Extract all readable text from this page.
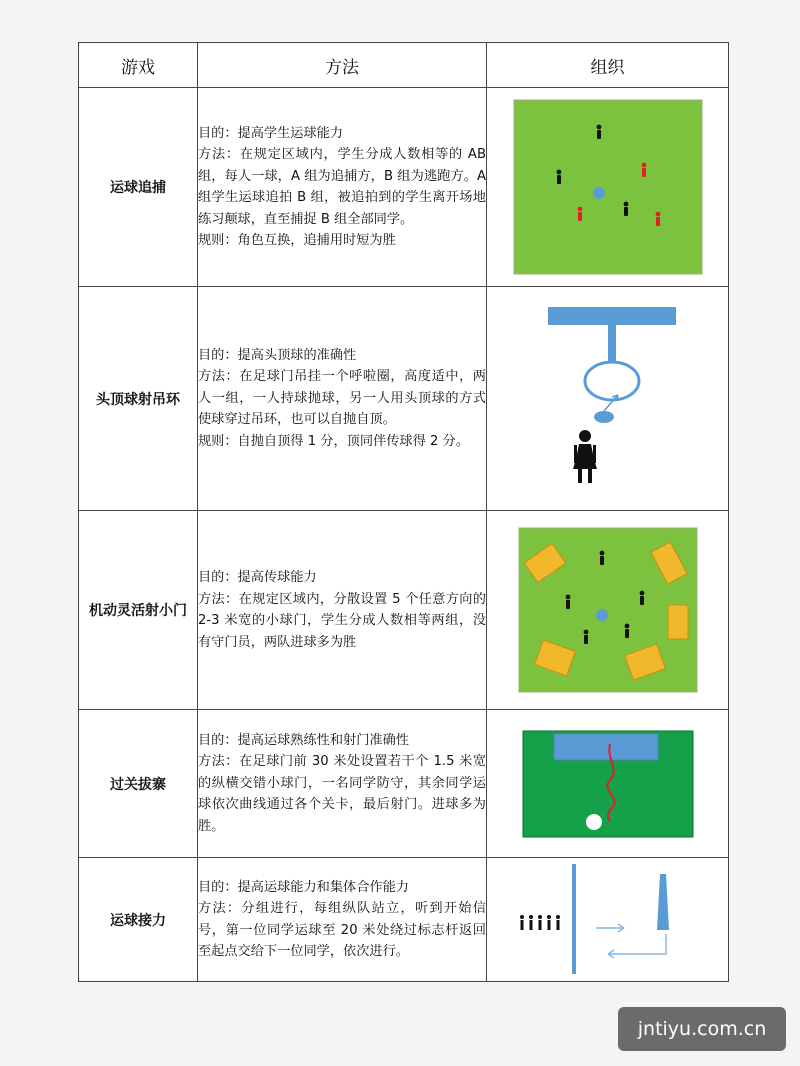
游戏	方法	组织
运球追捕	目的：提高学生运球能力

方法：在规定区域内，学生分成人数相等的 AB 组，每人一球，A 组为追捕方，B 组为逃跑方。A 组学生运球追拍 B 组，被追拍到的学生离开场地练习颠球，直至捕捉 B 组全部同学。

规则：角色互换，追捕用时短为胜

头顶球射吊环	目的：提高头顶球的准确性

方法：在足球门吊挂一个呼啦圈，高度适中，两人一组，一人持球抛球，另一人用头顶球的方式使球穿过吊环，也可以自抛自顶。

规则：自抛自顶得 1 分，顶同伴传球得 2 分。

机动灵活射小门	目的：提高传球能力

方法：在规定区域内，分散设置 5 个任意方向的 2-3 米宽的小球门，学生分成人数相等两组，没有守门员，两队进球多为胜

过关拔寨	目的：提高运球熟练性和射门准确性

方法：在足球门前 30 米处设置若干个 1.5 米宽的纵横交错小球门，一名同学防守，其余同学运球依次曲线通过各个关卡，最后射门。进球多为胜。

运球接力	目的：提高运球能力和集体合作能力

方法：分组进行，每组纵队站立，听到开始信号，第一位同学运球至 20 米处绕过标志杆返回至起点交给下一位同学，依次进行。

jntiyu.com.cn
